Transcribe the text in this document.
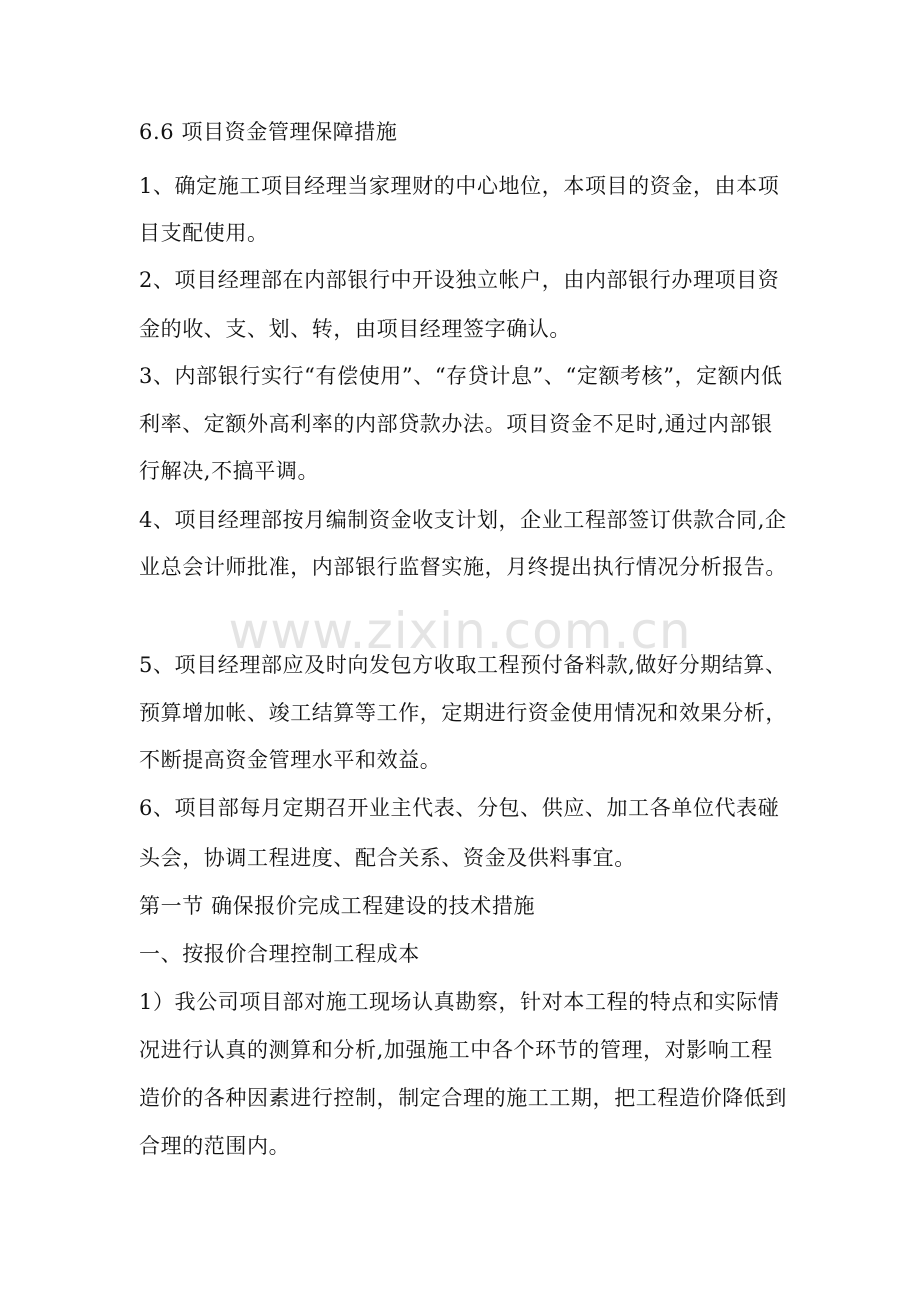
www.zixin.com.cn
6.6 项目资金管理保障措施
1、确定施工项目经理当家理财的中心地位，本项目的资金，由本项
目支配使用。
2、项目经理部在内部银行中开设独立帐户，由内部银行办理项目资
金的收、支、划、转，由项目经理签字确认。
3、内部银行实行“有偿使用”、“存贷计息”、“定额考核”，定额内低
利率、定额外高利率的内部贷款办法。项目资金不足时,通过内部银
行解决,不搞平调。
4、项目经理部按月编制资金收支计划，企业工程部签订供款合同,企
业总会计师批准，内部银行监督实施，月终提出执行情况分析报告。
5、项目经理部应及时向发包方收取工程预付备料款,做好分期结算、
预算增加帐、竣工结算等工作，定期进行资金使用情况和效果分析，
不断提高资金管理水平和效益。
6、项目部每月定期召开业主代表、分包、供应、加工各单位代表碰
头会，协调工程进度、配合关系、资金及供料事宜。
第一节 确保报价完成工程建设的技术措施
一、按报价合理控制工程成本
1）我公司项目部对施工现场认真勘察，针对本工程的特点和实际情
况进行认真的测算和分析,加强施工中各个环节的管理，对影响工程
造价的各种因素进行控制，制定合理的施工工期，把工程造价降低到
合理的范围内。
